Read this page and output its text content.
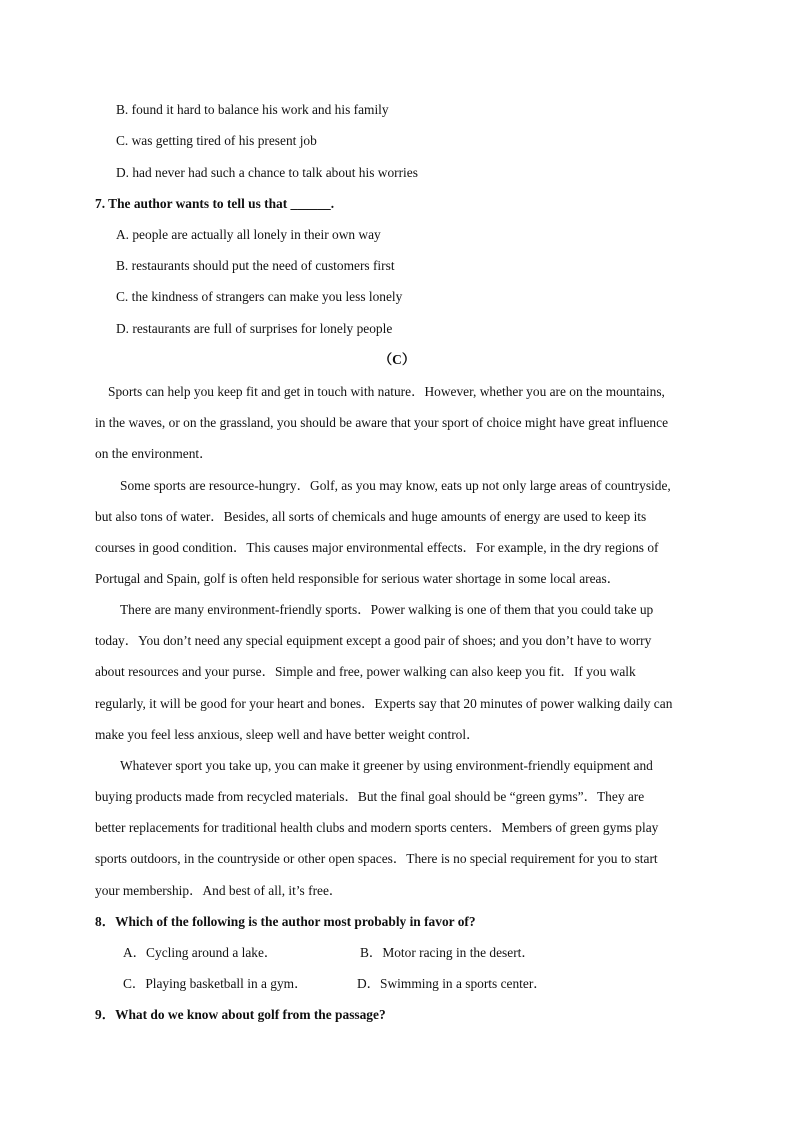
B. found it hard to balance his work and his family
C. was getting tired of his present job
D. had never had such a chance to talk about his worries
7. The author wants to tell us that ______.
A. people are actually all lonely in their own way
B. restaurants should put the need of customers first
C. the kindness of strangers can make you less lonely
D. restaurants are full of surprises for lonely people
（C）
Sports can help you keep fit and get in touch with nature．However, whether you are on the mountains,
in the waves, or on the grassland, you should be aware that your sport of choice might have great influence
on the environment．
Some sports are resource-hungry．Golf, as you may know, eats up not only large areas of countryside,
but also tons of water．Besides, all sorts of chemicals and huge amounts of energy are used to keep its
courses in good condition．This causes major environmental effects．For example, in the dry regions of
Portugal and Spain, golf is often held responsible for serious water shortage in some local areas．
There are many environment-friendly sports．Power walking is one of them that you could take up
today．You don’t need any special equipment except a good pair of shoes; and you don’t have to worry
about resources and your purse．Simple and free, power walking can also keep you fit．If you walk
regularly, it will be good for your heart and bones．Experts say that 20 minutes of power walking daily can
make you feel less anxious, sleep well and have better weight control．
Whatever sport you take up, you can make it greener by using environment-friendly equipment and
buying products made from recycled materials．But the final goal should be “green gyms”．They are
better replacements for traditional health clubs and modern sports centers．Members of green gyms play
sports outdoors, in the countryside or other open spaces．There is no special requirement for you to start
your membership．And best of all, it’s free．
8．Which of the following is the author most probably in favor of?
A．Cycling around a lake．	B．Motor racing in the desert．
C．Playing basketball in a gym．	D．Swimming in a sports center．
9．What do we know about golf from the passage?
